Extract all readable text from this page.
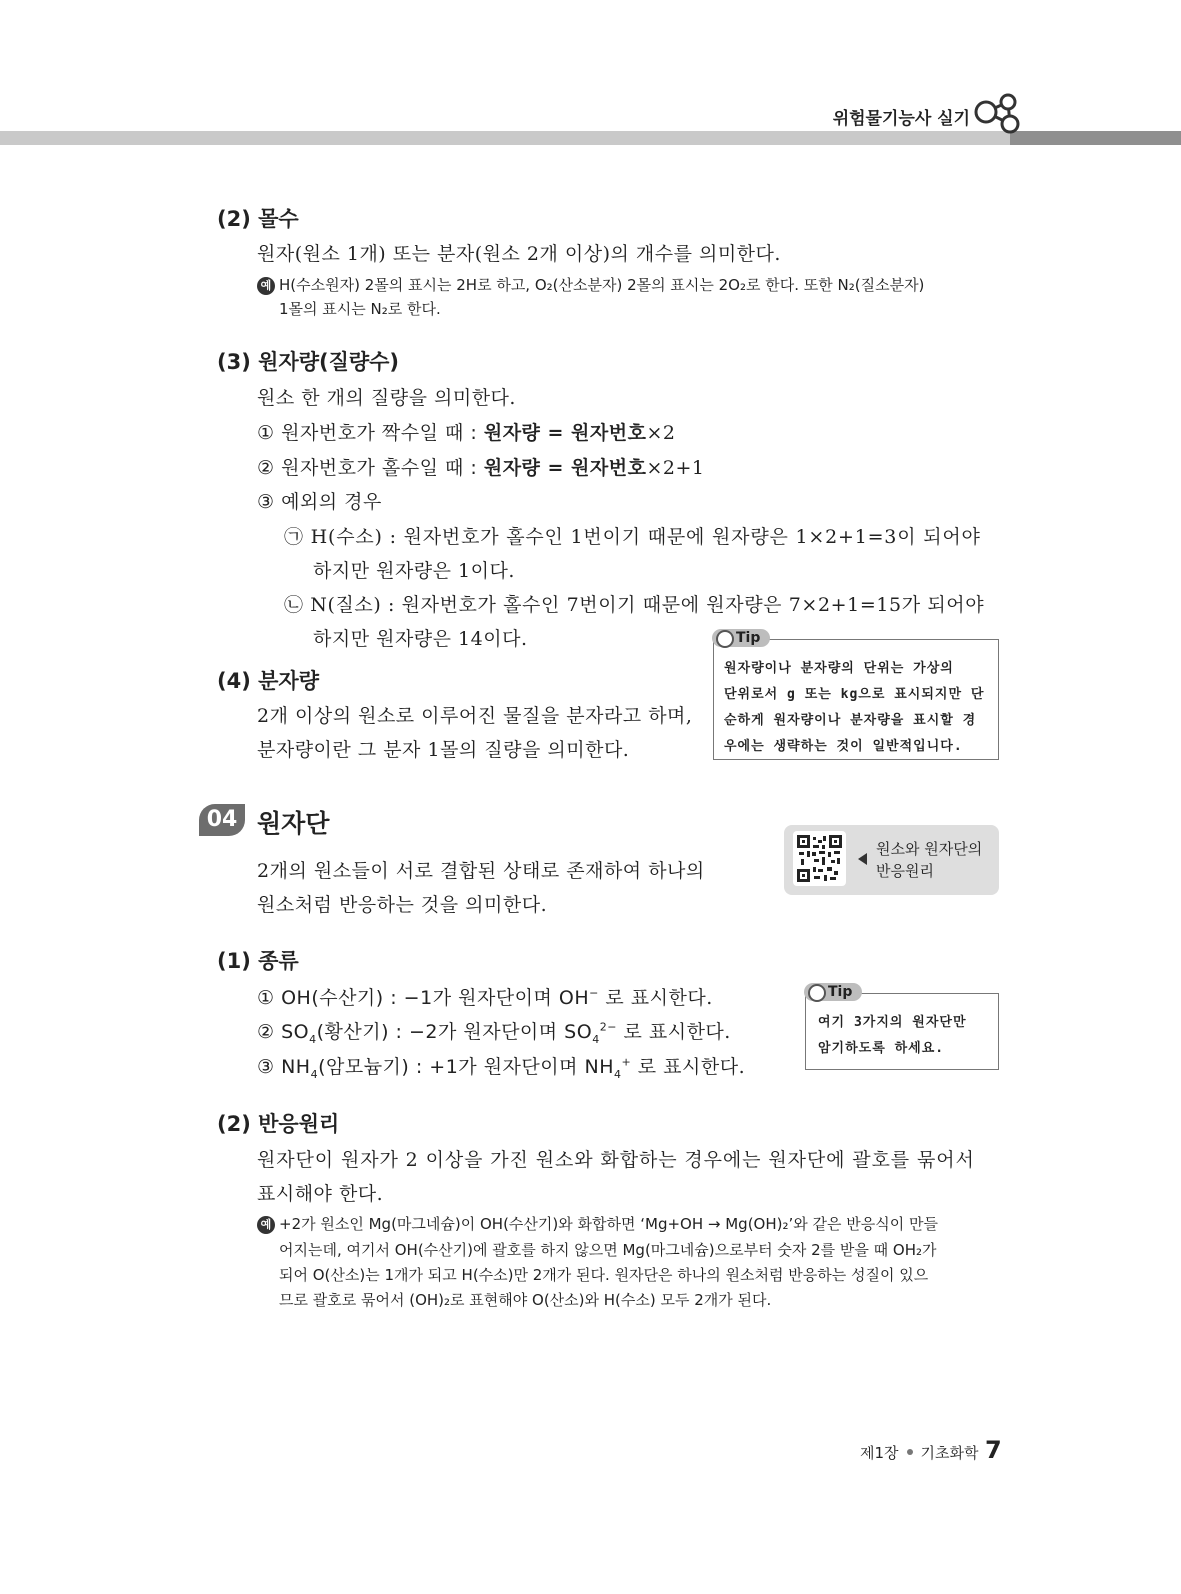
위험물기능사 실기
(2) 몰수
원자(원소 1개) 또는 분자(원소 2개 이상)의 개수를 의미한다.
예 H(수소원자) 2몰의 표시는 2H로 하고, O₂(산소분자) 2몰의 표시는 2O₂로 한다. 또한 N₂(질소분자)
1몰의 표시는 N₂로 한다.
(3) 원자량(질량수)
원소 한 개의 질량을 의미한다.
① 원자번호가 짝수일 때 : 원자량 = 원자번호×2
② 원자번호가 홀수일 때 : 원자량 = 원자번호×2+1
③ 예외의 경우
㉠ H(수소) : 원자번호가 홀수인 1번이기 때문에 원자량은 1×2+1=3이 되어야
하지만 원자량은 1이다.
㉡ N(질소) : 원자번호가 홀수인 7번이기 때문에 원자량은 7×2+1=15가 되어야
하지만 원자량은 14이다.	Tip
원자량이나 분자량의 단위는 가상의
단위로서 g 또는 kg으로 표시되지만 단
순하게 원자량이나 분자량을 표시할 경
우에는 생략하는 것이 일반적입니다.
(4) 분자량
2개 이상의 원소로 이루어진 물질을 분자라고 하며,
분자량이란 그 분자 1몰의 질량을 의미한다.
04 원자단
2개의 원소들이 서로 결합된 상태로 존재하여 하나의
원소처럼 반응하는 것을 의미한다.
원소와 원자단의
반응원리
(1) 종류
① OH(수산기) : −1가 원자단이며 OH− 로 표시한다.
② $SO_4$(황산기) : −2가 원자단이며 $SO_4^{2-}$ 로 표시한다.
③ $NH_4$(암모늄기) : +1가 원자단이며 $NH_4^+$ 로 표시한다.
Tip
여기 3가지의 원자단만
암기하도록 하세요.
(2) 반응원리
원자단이 원자가 2 이상을 가진 원소와 화합하는 경우에는 원자단에 괄호를 묶어서
표시해야 한다.
예 +2가 원소인 Mg(마그네슘)이 OH(수산기)와 화합하면 ‘Mg+OH → Mg(OH)₂’와 같은 반응식이 만들
어지는데, 여기서 OH(수산기)에 괄호를 하지 않으면 Mg(마그네슘)으로부터 숫자 2를 받을 때 OH₂가
되어 O(산소)는 1개가 되고 H(수소)만 2개가 된다. 원자단은 하나의 원소처럼 반응하는 성질이 있으
므로 괄호로 묶어서 (OH)₂로 표현해야 O(산소)와 H(수소) 모두 2개가 된다.
제1장 기초화학 7
